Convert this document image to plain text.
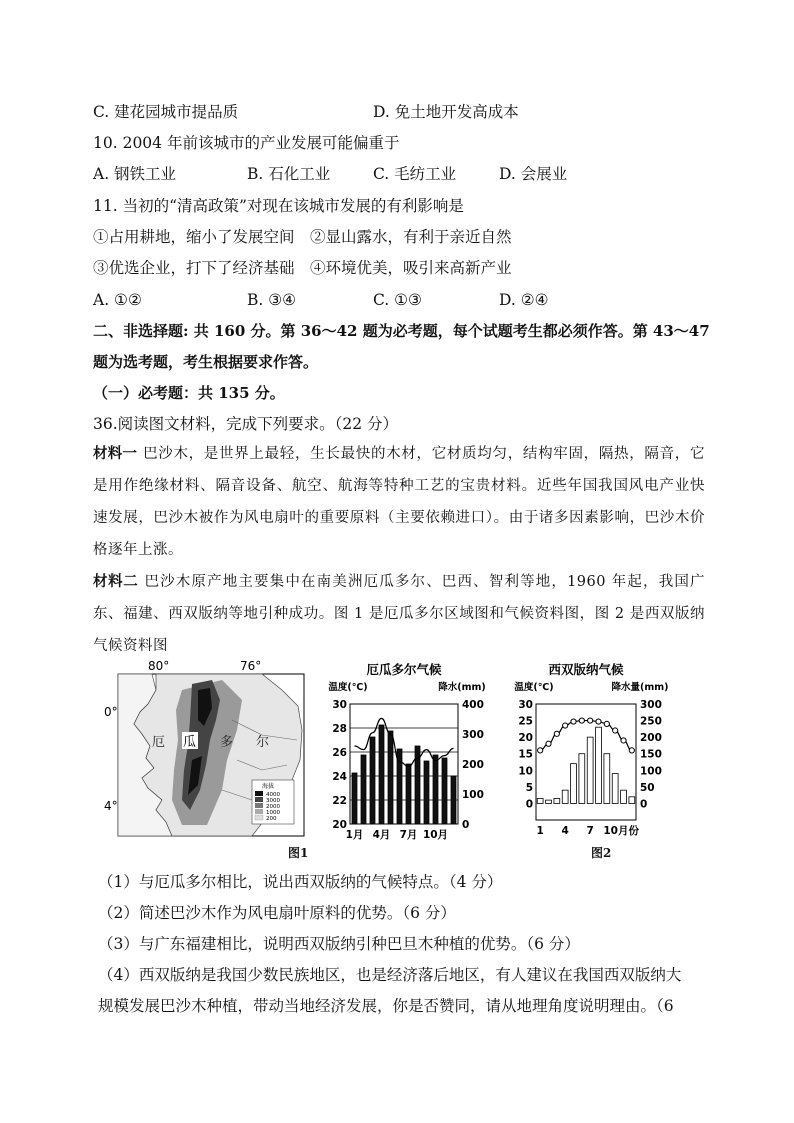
C. 建花园城市提品质	D. 免土地开发高成本
10. 2004 年前该城市的产业发展可能偏重于
A. 钢铁工业	B. 石化工业	C. 毛纺工业	D. 会展业
11. 当初的“清高政策”对现在该城市发展的有利影响是
①占用耕地，缩小了发展空间　②显山露水，有利于亲近自然
③优选企业，打下了经济基础　④环境优美，吸引来高新产业
A. ①②	B. ③④	C. ①③	D. ②④
二、非选择题: 共 160 分。第 36～42 题为必考题，每个试题考生都必须作答。第 43～47
题为选考题，考生根据要求作答。
（一）必考题：共 135 分。
36.阅读图文材料，完成下列要求。（22 分）
材料一 巴沙木，是世界上最轻，生长最快的木材，它材质均匀，结构牢固，隔热，隔音，它是用作绝缘材料、隔音设备、航空、航海等特种工艺的宝贵材料。近些年国我国风电产业快速发展，巴沙木被作为风电扇叶的重要原料（主要依赖进口）。由于诸多因素影响，巴沙木价格逐年上涨。
材料二 巴沙木原产地主要集中在南美洲厄瓜多尔、巴西、智利等地，1960 年起，我国广东、福建、西双版纳等地引种成功。图 1 是厄瓜多尔区域图和气候资料图，图 2 是西双版纳气候资料图
80°	76°
0°
4°
厄 瓜 多 尔
海拔
4000
3000
2000
1000
200
图1
厄瓜多尔气候
温度(℃)	降水(mm)
20
22
24
26
28
30
0
100
200
300
400
1月 4月 7月 10月
西双版纳气候
温度(℃)	降水量(mm)
0
5
10
15
20
25
30
0
50
100
150
200
250
300
1 4 7 10月份
图2
（1）与厄瓜多尔相比，说出西双版纳的气候特点。（4 分）
（2）简述巴沙木作为风电扇叶原料的优势。（6 分）
（3）与广东福建相比，说明西双版纳引种巴旦木种植的优势。（6 分）
（4）西双版纳是我国少数民族地区，也是经济落后地区，有人建议在我国西双版纳大
规模发展巴沙木种植，带动当地经济发展，你是否赞同，请从地理角度说明理由。（6
